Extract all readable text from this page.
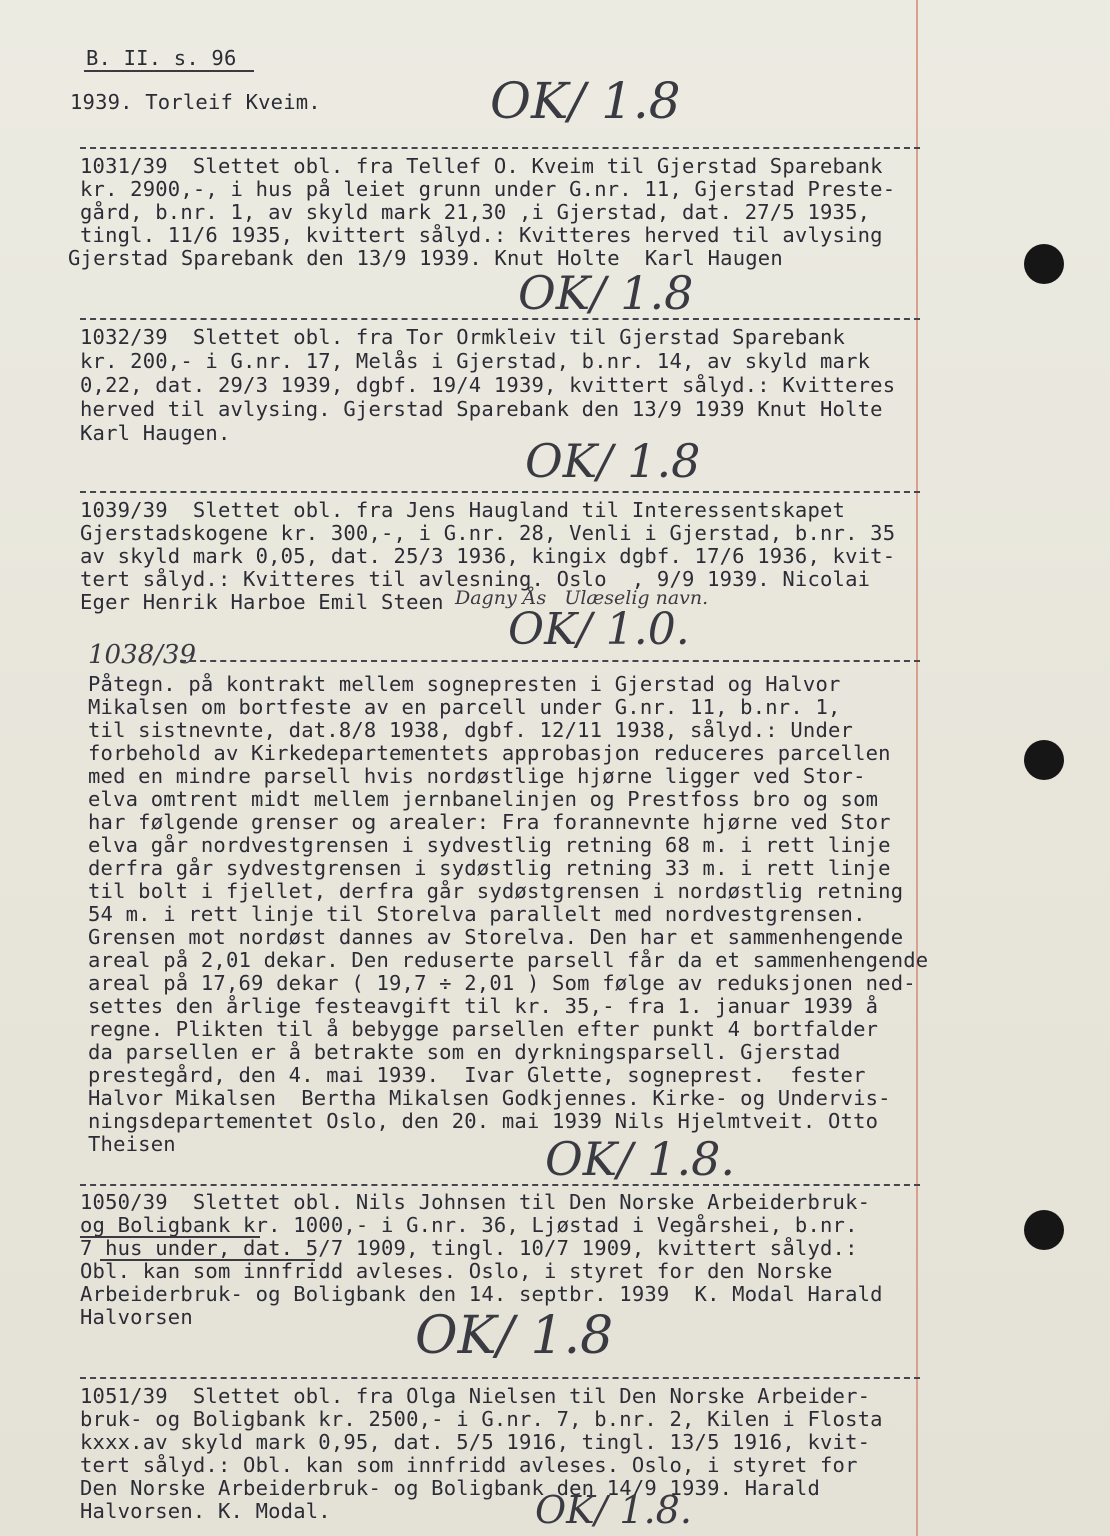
B. II. s. 96
1939. Torleif Kveim.	OK/ 1.8
1031/39  Slettet obl. fra Tellef O. Kveim til Gjerstad Sparebank
kr. 2900,-, i hus på leiet grunn under G.nr. 11, Gjerstad Preste-
gård, b.nr. 1, av skyld mark 21,30 ,i Gjerstad, dat. 27/5 1935,
tingl. 11/6 1935, kvittert sålyd.: Kvitteres herved til avlysing
Gjerstad Sparebank den 13/9 1939. Knut Holte  Karl Haugen
OK/ 1.8
1032/39  Slettet obl. fra Tor Ormkleiv til Gjerstad Sparebank
kr. 200,- i G.nr. 17, Melås i Gjerstad, b.nr. 14, av skyld mark
0,22, dat. 29/3 1939, dgbf. 19/4 1939, kvittert sålyd.: Kvitteres
herved til avlysing. Gjerstad Sparebank den 13/9 1939 Knut Holte
Karl Haugen.
OK/ 1.8
1039/39  Slettet obl. fra Jens Haugland til Interessentskapet
Gjerstadskogene kr. 300,-, i G.nr. 28, Venli i Gjerstad, b.nr. 35
av skyld mark 0,05, dat. 25/3 1936, kingix dgbf. 17/6 1936, kvit-
tert sålyd.: Kvitteres til avlesning. Oslo  , 9/9 1939. Nicolai
Eger Henrik Harboe Emil Steen Dagny Ås   Ulæselig navn.
OK/ 1.0.
1038/39
Påtegn. på kontrakt mellem sognepresten i Gjerstad og Halvor
Mikalsen om bortfeste av en parcell under G.nr. 11, b.nr. 1,
til sistnevnte, dat.8/8 1938, dgbf. 12/11 1938, sålyd.: Under
forbehold av Kirkedepartementets approbasjon reduceres parcellen
med en mindre parsell hvis nordøstlige hjørne ligger ved Stor-
elva omtrent midt mellem jernbanelinjen og Prestfoss bro og som
har følgende grenser og arealer: Fra forannevnte hjørne ved Stor
elva går nordvestgrensen i sydvestlig retning 68 m. i rett linje
derfra går sydvestgrensen i sydøstlig retning 33 m. i rett linje
til bolt i fjellet, derfra går sydøstgrensen i nordøstlig retning
54 m. i rett linje til Storelva parallelt med nordvestgrensen.
Grensen mot nordøst dannes av Storelva. Den har et sammenhengende
areal på 2,01 dekar. Den reduserte parsell får da et sammenhengende
areal på 17,69 dekar ( 19,7 ÷ 2,01 ) Som følge av reduksjonen ned-
settes den årlige festeavgift til kr. 35,- fra 1. januar 1939 å
regne. Plikten til å bebygge parsellen efter punkt 4 bortfalder
da parsellen er å betrakte som en dyrkningsparsell. Gjerstad
prestegård, den 4. mai 1939.  Ivar Glette, sogneprest.  fester
Halvor Mikalsen  Bertha Mikalsen Godkjennes. Kirke- og Undervis-
ningsdepartementet Oslo, den 20. mai 1939 Nils Hjelmtveit. Otto
Theisen	OK/ 1.8.
1050/39  Slettet obl. Nils Johnsen til Den Norske Arbeiderbruk-
og Boligbank kr. 1000,- i G.nr. 36, Ljøstad i Vegårshei, b.nr.
7 hus under, dat. 5/7 1909, tingl. 10/7 1909, kvittert sålyd.:
Obl. kan som innfridd avleses. Oslo, i styret for den Norske
Arbeiderbruk- og Boligbank den 14. septbr. 1939  K. Modal Harald
Halvorsen	OK/ 1.8
1051/39  Slettet obl. fra Olga Nielsen til Den Norske Arbeider-
bruk- og Boligbank kr. 2500,- i G.nr. 7, b.nr. 2, Kilen i Flosta
kxxx.av skyld mark 0,95, dat. 5/5 1916, tingl. 13/5 1916, kvit-
tert sålyd.: Obl. kan som innfridd avleses. Oslo, i styret for
Den Norske Arbeiderbruk- og Boligbank den 14/9 1939. Harald
Halvorsen. K. Modal.	OK/ 1.8.
